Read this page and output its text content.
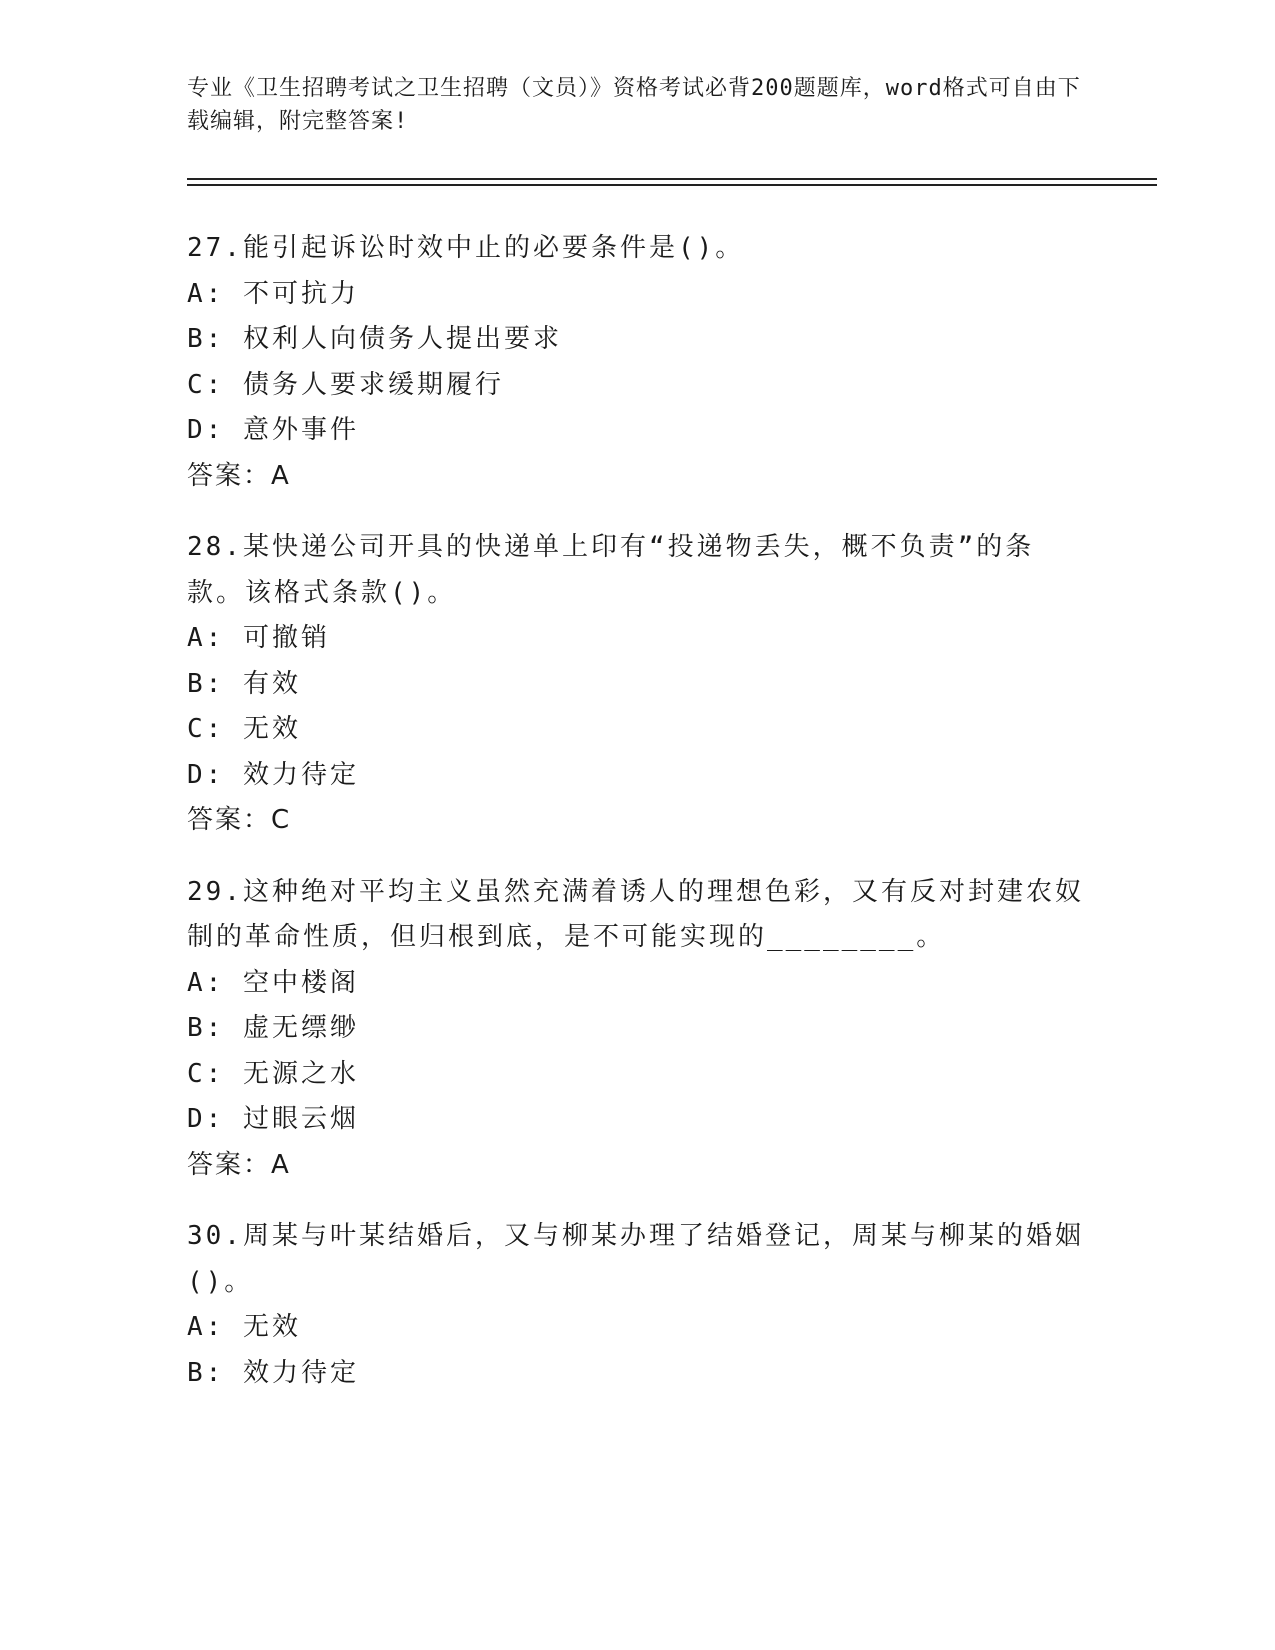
专业《卫生招聘考试之卫生招聘（文员）》资格考试必背200题题库，word格式可自由下载编辑，附完整答案!
27.能引起诉讼时效中止的必要条件是()。
A: 不可抗力
B: 权利人向债务人提出要求
C: 债务人要求缓期履行
D: 意外事件
答案：A
28.某快递公司开具的快递单上印有“投递物丢失，概不负责”的条款。该格式条款()。
A: 可撤销
B: 有效
C: 无效
D: 效力待定
答案：C
29.这种绝对平均主义虽然充满着诱人的理想色彩，又有反对封建农奴制的革命性质，但归根到底，是不可能实现的________。
A: 空中楼阁
B: 虚无缥缈
C: 无源之水
D: 过眼云烟
答案：A
30.周某与叶某结婚后，又与柳某办理了结婚登记，周某与柳某的婚姻()。
A: 无效
B: 效力待定
